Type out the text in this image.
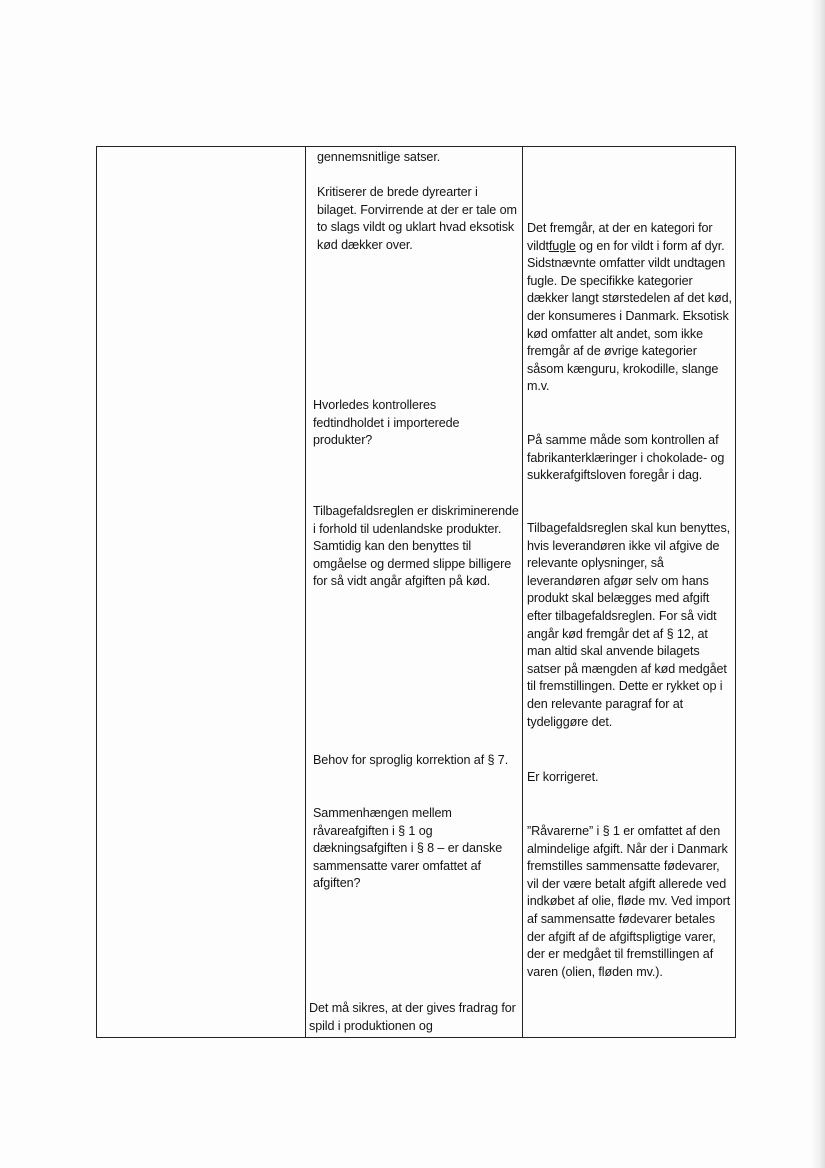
gennemsnitlige satser.
Kritiserer de brede dyrearter i bilaget. Forvirrende at der er tale om to slags vildt og uklart hvad eksotisk kød dækker over.
Hvorledes kontrolleres fedtindholdet i importerede produkter?
Tilbagefaldsreglen er diskriminerende i forhold til udenlandske produkter. Samtidig kan den benyttes til omgåelse og dermed slippe billigere for så vidt angår afgiften på kød.
Behov for sproglig korrektion af § 7.
Sammenhængen mellem råvareafgiften i § 1 og dækningsafgiften i § 8 – er danske sammensatte varer omfattet af afgiften?
Det må sikres, at der gives fradrag for spild i produktionen og
Det fremgår, at der en kategori for vildtfugle og en for vildt i form af dyr. Sidstnævnte omfatter vildt undtagen fugle. De specifikke kategorier dækker langt størstedelen af det kød, der konsumeres i Danmark. Eksotisk kød omfatter alt andet, som ikke fremgår af de øvrige kategorier såsom kænguru, krokodille, slange m.v.
På samme måde som kontrollen af fabrikanterklæringer i chokolade- og sukkerafgiftsloven foregår i dag.
Tilbagefaldsreglen skal kun benyttes, hvis leverandøren ikke vil afgive de relevante oplysninger, så leverandøren afgør selv om hans produkt skal belægges med afgift efter tilbagefaldsreglen. For så vidt angår kød fremgår det af § 12, at man altid skal anvende bilagets satser på mængden af kød medgået til fremstillingen. Dette er rykket op i den relevante paragraf for at tydeliggøre det.
Er korrigeret.
”Råvarerne” i § 1 er omfattet af den almindelige afgift. Når der i Danmark fremstilles sammensatte fødevarer, vil der være betalt afgift allerede ved indkøbet af olie, fløde mv. Ved import af sammensatte fødevarer betales der afgift af de afgiftspligtige varer, der er medgået til fremstillingen af varen (olien, fløden mv.).
